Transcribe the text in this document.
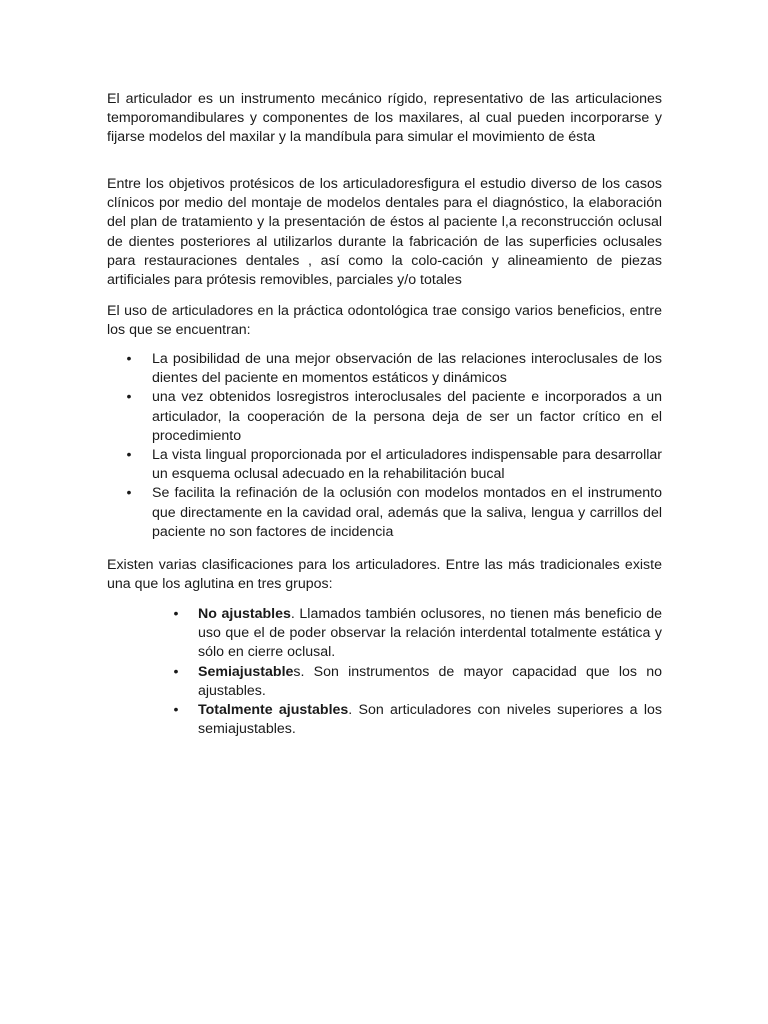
El articulador es un instrumento mecánico rígido, representativo de las articulaciones temporomandibulares y componentes de los maxilares, al cual pueden incorporarse y fijarse modelos del maxilar y la mandíbula para simular el movimiento de ésta

Entre los objetivos protésicos de los articuladoresfigura el estudio diverso de los casos clínicos por medio del montaje de modelos dentales para el diagnóstico, la elaboración del plan de tratamiento y la presentación de éstos al paciente l,a reconstrucción oclusal de dientes posteriores al utilizarlos durante la fabricación de las superficies oclusales para restauraciones dentales , así como la colo-cación y alineamiento de piezas artificiales para prótesis removibles, parciales y/o totales

El uso de articuladores en la práctica odontológica trae consigo varios beneficios, entre los que se encuentran:

• La posibilidad de una mejor observación de las relaciones interoclusales de los dientes del paciente en momentos estáticos y dinámicos
• una vez obtenidos losregistros interoclusales del paciente e incorporados a un articulador, la cooperación de la persona deja de ser un factor crítico en el procedimiento
• La vista lingual proporcionada por el articuladores indispensable para desarrollar un esquema oclusal adecuado en la rehabilitación bucal
• Se facilita la refinación de la oclusión con modelos montados en el instrumento que directamente en la cavidad oral, además que la saliva, lengua y carrillos del paciente no son factores de incidencia

Existen varias clasificaciones para los articuladores. Entre las más tradicionales existe una que los aglutina en tres grupos:

• No ajustables. Llamados también oclusores, no tienen más beneficio de uso que el de poder observar la relación interdental totalmente estática y sólo en cierre oclusal.
• Semiajustables. Son instrumentos de mayor capacidad que los no ajustables.
• Totalmente ajustables. Son articuladores con niveles superiores a los semiajustables.
